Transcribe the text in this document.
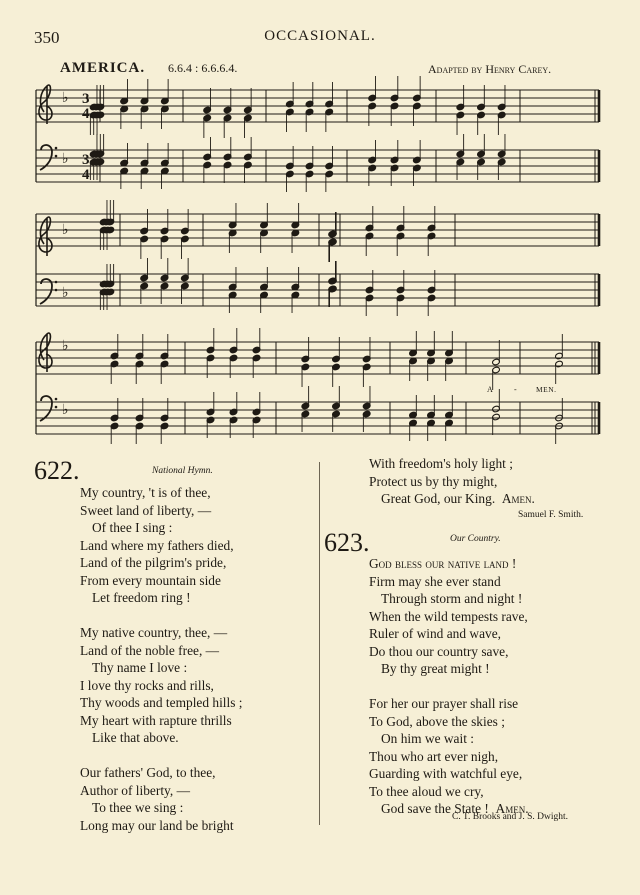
350	OCCASIONAL.
AMERICA. 6.6.4 : 6.6.6.4.	Adapted by Henry Carey.
♭
♭
♭
♭
♭
♭
3
4
3
4
A	-	MEN.
622.	National Hymn.
My country, 't is of thee,
Sweet land of liberty, —
Of thee I sing :
Land where my fathers died,
Land of the pilgrim's pride,
From every mountain side
Let freedom ring !
My native country, thee, —
Land of the noble free, —
Thy name I love :
I love thy rocks and rills,
Thy woods and templed hills ;
My heart with rapture thrills
Like that above.
Our fathers' God, to thee,
Author of liberty, —
To thee we sing :
Long may our land be bright
With freedom's holy light ;
Protect us by thy might,
Great God, our King. Amen.
Samuel F. Smith.
623.	Our Country.
God bless our native land !
Firm may she ever stand
Through storm and night !
When the wild tempests rave,
Ruler of wind and wave,
Do thou our country save,
By thy great might !
For her our prayer shall rise
To God, above the skies ;
On him we wait :
Thou who art ever nigh,
Guarding with watchful eye,
To thee aloud we cry,
God save the State ! Amen.
C. T. Brooks and J. S. Dwight.
